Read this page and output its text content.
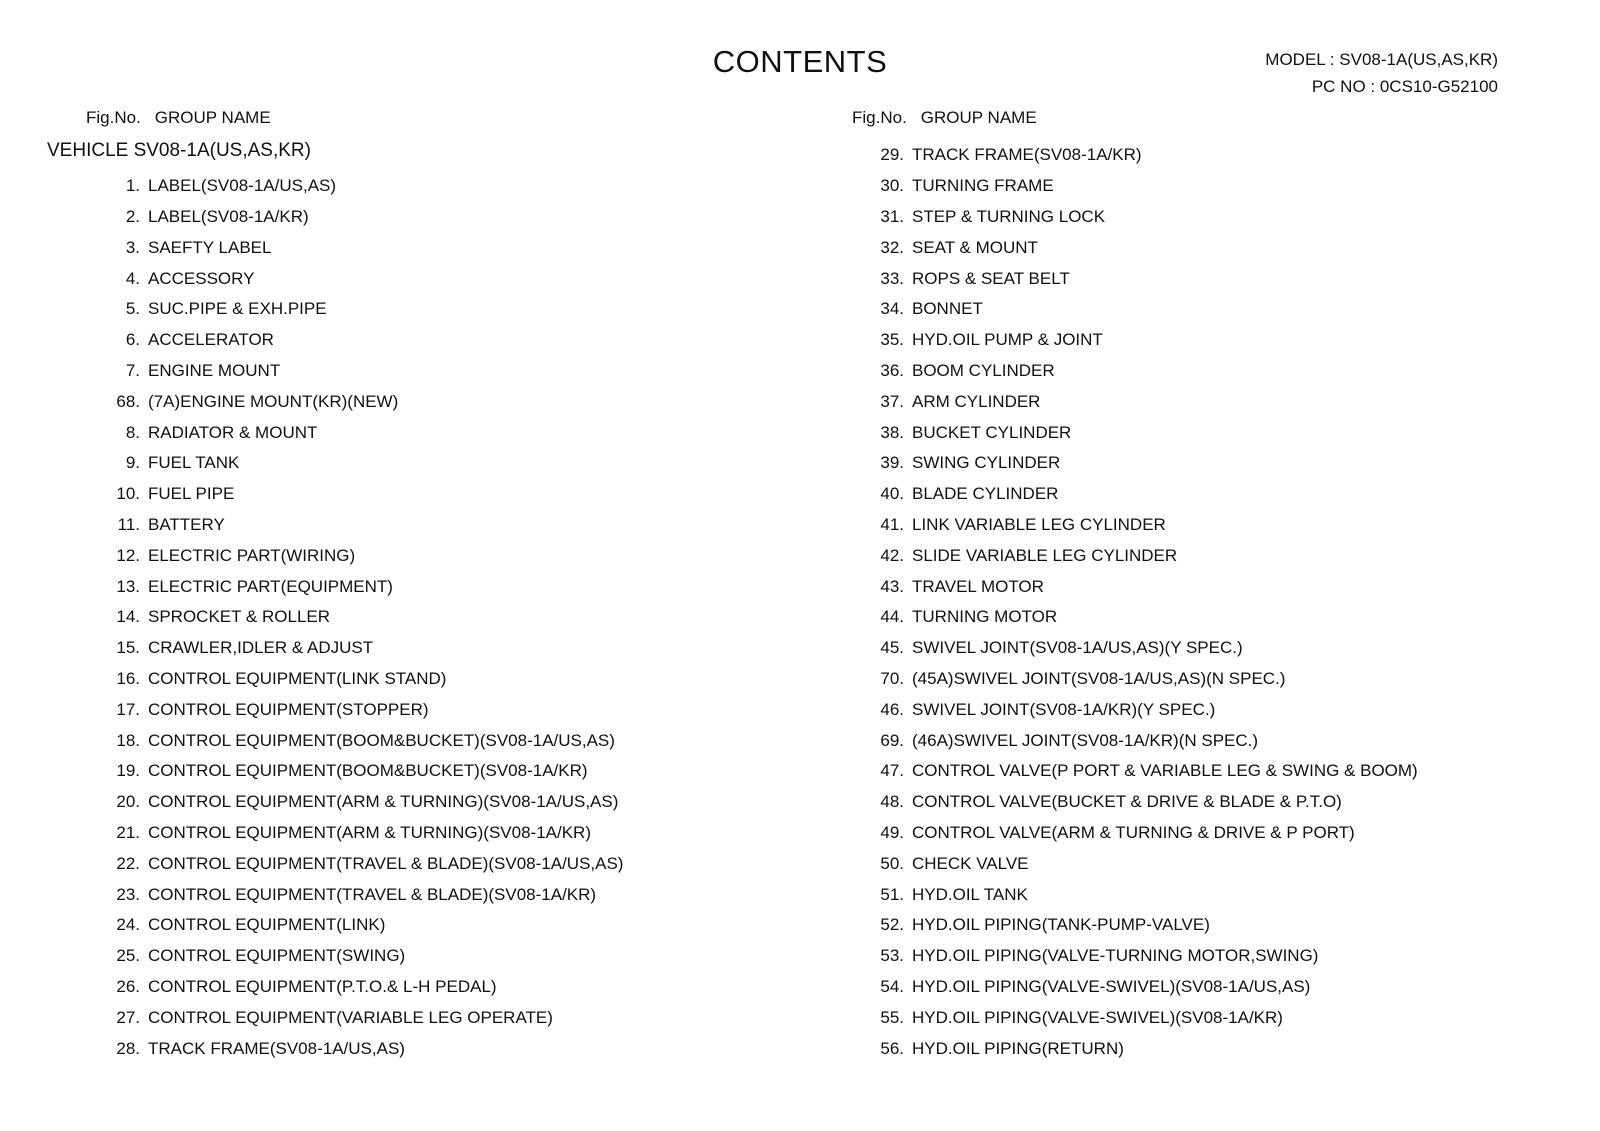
CONTENTS	MODEL : SV08-1A(US,AS,KR)
PC NO : 0CS10-G52100
Fig.No. GROUP NAME	Fig.No. GROUP NAME
VEHICLE SV08-1A(US,AS,KR)
1. LABEL(SV08-1A/US,AS)
2. LABEL(SV08-1A/KR)
3. SAEFTY LABEL
4. ACCESSORY
5. SUC.PIPE & EXH.PIPE
6. ACCELERATOR
7. ENGINE MOUNT
68. (7A)ENGINE MOUNT(KR)(NEW)
8. RADIATOR & MOUNT
9. FUEL TANK
10. FUEL PIPE
11. BATTERY
12. ELECTRIC PART(WIRING)
13. ELECTRIC PART(EQUIPMENT)
14. SPROCKET & ROLLER
15. CRAWLER,IDLER & ADJUST
16. CONTROL EQUIPMENT(LINK STAND)
17. CONTROL EQUIPMENT(STOPPER)
18. CONTROL EQUIPMENT(BOOM&BUCKET)(SV08-1A/US,AS)
19. CONTROL EQUIPMENT(BOOM&BUCKET)(SV08-1A/KR)
20. CONTROL EQUIPMENT(ARM & TURNING)(SV08-1A/US,AS)
21. CONTROL EQUIPMENT(ARM & TURNING)(SV08-1A/KR)
22. CONTROL EQUIPMENT(TRAVEL & BLADE)(SV08-1A/US,AS)
23. CONTROL EQUIPMENT(TRAVEL & BLADE)(SV08-1A/KR)
24. CONTROL EQUIPMENT(LINK)
25. CONTROL EQUIPMENT(SWING)
26. CONTROL EQUIPMENT(P.T.O.& L-H PEDAL)
27. CONTROL EQUIPMENT(VARIABLE LEG OPERATE)
28. TRACK FRAME(SV08-1A/US,AS)
29. TRACK FRAME(SV08-1A/KR)
30. TURNING FRAME
31. STEP & TURNING LOCK
32. SEAT & MOUNT
33. ROPS & SEAT BELT
34. BONNET
35. HYD.OIL PUMP & JOINT
36. BOOM CYLINDER
37. ARM CYLINDER
38. BUCKET CYLINDER
39. SWING CYLINDER
40. BLADE CYLINDER
41. LINK VARIABLE LEG CYLINDER
42. SLIDE VARIABLE LEG CYLINDER
43. TRAVEL MOTOR
44. TURNING MOTOR
45. SWIVEL JOINT(SV08-1A/US,AS)(Y SPEC.)
70. (45A)SWIVEL JOINT(SV08-1A/US,AS)(N SPEC.)
46. SWIVEL JOINT(SV08-1A/KR)(Y SPEC.)
69. (46A)SWIVEL JOINT(SV08-1A/KR)(N SPEC.)
47. CONTROL VALVE(P PORT & VARIABLE LEG & SWING & BOOM)
48. CONTROL VALVE(BUCKET & DRIVE & BLADE & P.T.O)
49. CONTROL VALVE(ARM & TURNING & DRIVE & P PORT)
50. CHECK VALVE
51. HYD.OIL TANK
52. HYD.OIL PIPING(TANK-PUMP-VALVE)
53. HYD.OIL PIPING(VALVE-TURNING MOTOR,SWING)
54. HYD.OIL PIPING(VALVE-SWIVEL)(SV08-1A/US,AS)
55. HYD.OIL PIPING(VALVE-SWIVEL)(SV08-1A/KR)
56. HYD.OIL PIPING(RETURN)
